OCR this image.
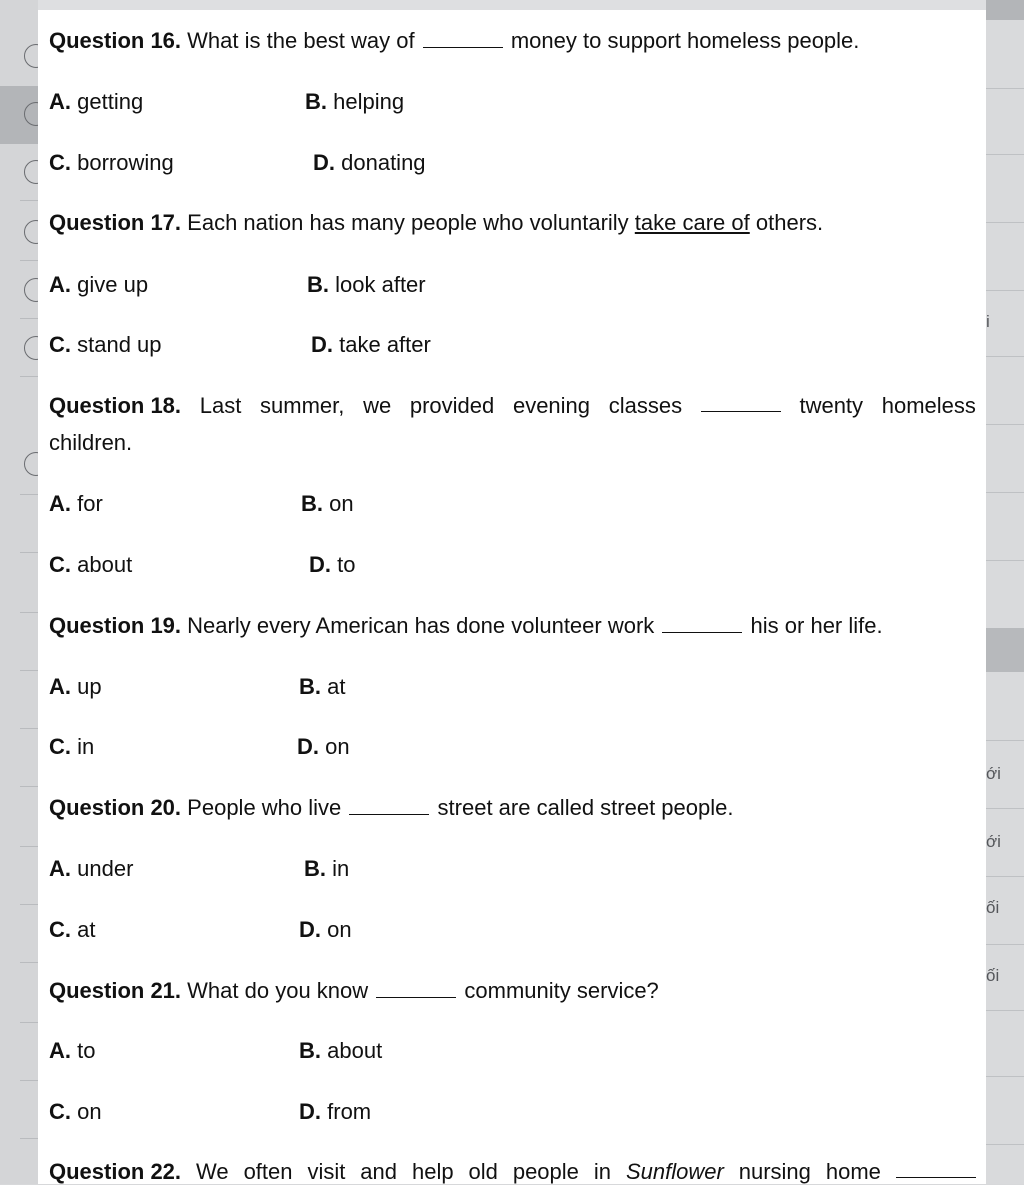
i
ới
ới
ối
ối
Question 16. What is the best way of	money to support homeless people.
A. getting	B. helping
C. borrowing	D. donating
Question 17. Each nation has many people who voluntarily take care of others.
A. give up	B. look after
C. stand up	D. take after
Question 18. Last summer, we provided evening classes	twenty homeless
children.
A. for	B. on
C. about	D. to
Question 19. Nearly every American has done volunteer work	his or her life.
A. up	B. at
C. in	D. on
Question 20. People who live	street are called street people.
A. under	B. in
C. at	D. on
Question 21. What do you know	community service?
A. to	B. about
C. on	D. from
Question 22. We often visit and help old people in Sunflower nursing home
